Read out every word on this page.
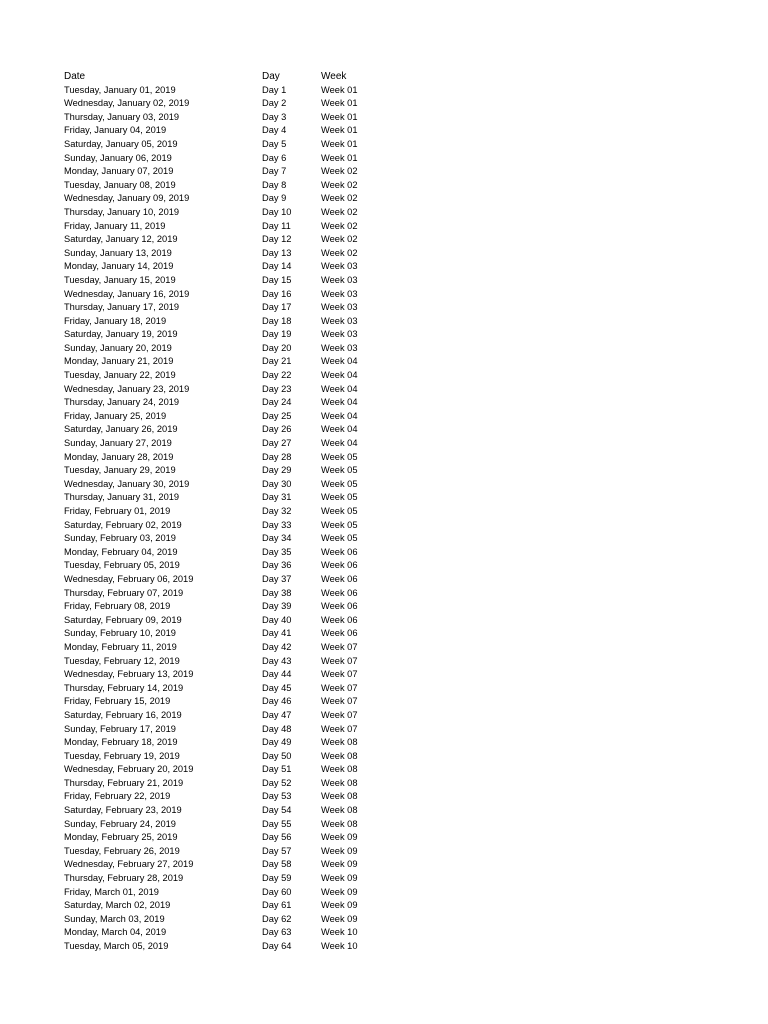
Date	Day	Week
Tuesday, January 01, 2019	Day 1	Week 01
Wednesday, January 02, 2019	Day 2	Week 01
Thursday, January 03, 2019	Day 3	Week 01
Friday, January 04, 2019	Day 4	Week 01
Saturday, January 05, 2019	Day 5	Week 01
Sunday, January 06, 2019	Day 6	Week 01
Monday, January 07, 2019	Day 7	Week 02
Tuesday, January 08, 2019	Day 8	Week 02
Wednesday, January 09, 2019	Day 9	Week 02
Thursday, January 10, 2019	Day 10	Week 02
Friday, January 11, 2019	Day 11	Week 02
Saturday, January 12, 2019	Day 12	Week 02
Sunday, January 13, 2019	Day 13	Week 02
Monday, January 14, 2019	Day 14	Week 03
Tuesday, January 15, 2019	Day 15	Week 03
Wednesday, January 16, 2019	Day 16	Week 03
Thursday, January 17, 2019	Day 17	Week 03
Friday, January 18, 2019	Day 18	Week 03
Saturday, January 19, 2019	Day 19	Week 03
Sunday, January 20, 2019	Day 20	Week 03
Monday, January 21, 2019	Day 21	Week 04
Tuesday, January 22, 2019	Day 22	Week 04
Wednesday, January 23, 2019	Day 23	Week 04
Thursday, January 24, 2019	Day 24	Week 04
Friday, January 25, 2019	Day 25	Week 04
Saturday, January 26, 2019	Day 26	Week 04
Sunday, January 27, 2019	Day 27	Week 04
Monday, January 28, 2019	Day 28	Week 05
Tuesday, January 29, 2019	Day 29	Week 05
Wednesday, January 30, 2019	Day 30	Week 05
Thursday, January 31, 2019	Day 31	Week 05
Friday, February 01, 2019	Day 32	Week 05
Saturday, February 02, 2019	Day 33	Week 05
Sunday, February 03, 2019	Day 34	Week 05
Monday, February 04, 2019	Day 35	Week 06
Tuesday, February 05, 2019	Day 36	Week 06
Wednesday, February 06, 2019	Day 37	Week 06
Thursday, February 07, 2019	Day 38	Week 06
Friday, February 08, 2019	Day 39	Week 06
Saturday, February 09, 2019	Day 40	Week 06
Sunday, February 10, 2019	Day 41	Week 06
Monday, February 11, 2019	Day 42	Week 07
Tuesday, February 12, 2019	Day 43	Week 07
Wednesday, February 13, 2019	Day 44	Week 07
Thursday, February 14, 2019	Day 45	Week 07
Friday, February 15, 2019	Day 46	Week 07
Saturday, February 16, 2019	Day 47	Week 07
Sunday, February 17, 2019	Day 48	Week 07
Monday, February 18, 2019	Day 49	Week 08
Tuesday, February 19, 2019	Day 50	Week 08
Wednesday, February 20, 2019	Day 51	Week 08
Thursday, February 21, 2019	Day 52	Week 08
Friday, February 22, 2019	Day 53	Week 08
Saturday, February 23, 2019	Day 54	Week 08
Sunday, February 24, 2019	Day 55	Week 08
Monday, February 25, 2019	Day 56	Week 09
Tuesday, February 26, 2019	Day 57	Week 09
Wednesday, February 27, 2019	Day 58	Week 09
Thursday, February 28, 2019	Day 59	Week 09
Friday, March 01, 2019	Day 60	Week 09
Saturday, March 02, 2019	Day 61	Week 09
Sunday, March 03, 2019	Day 62	Week 09
Monday, March 04, 2019	Day 63	Week 10
Tuesday, March 05, 2019	Day 64	Week 10
